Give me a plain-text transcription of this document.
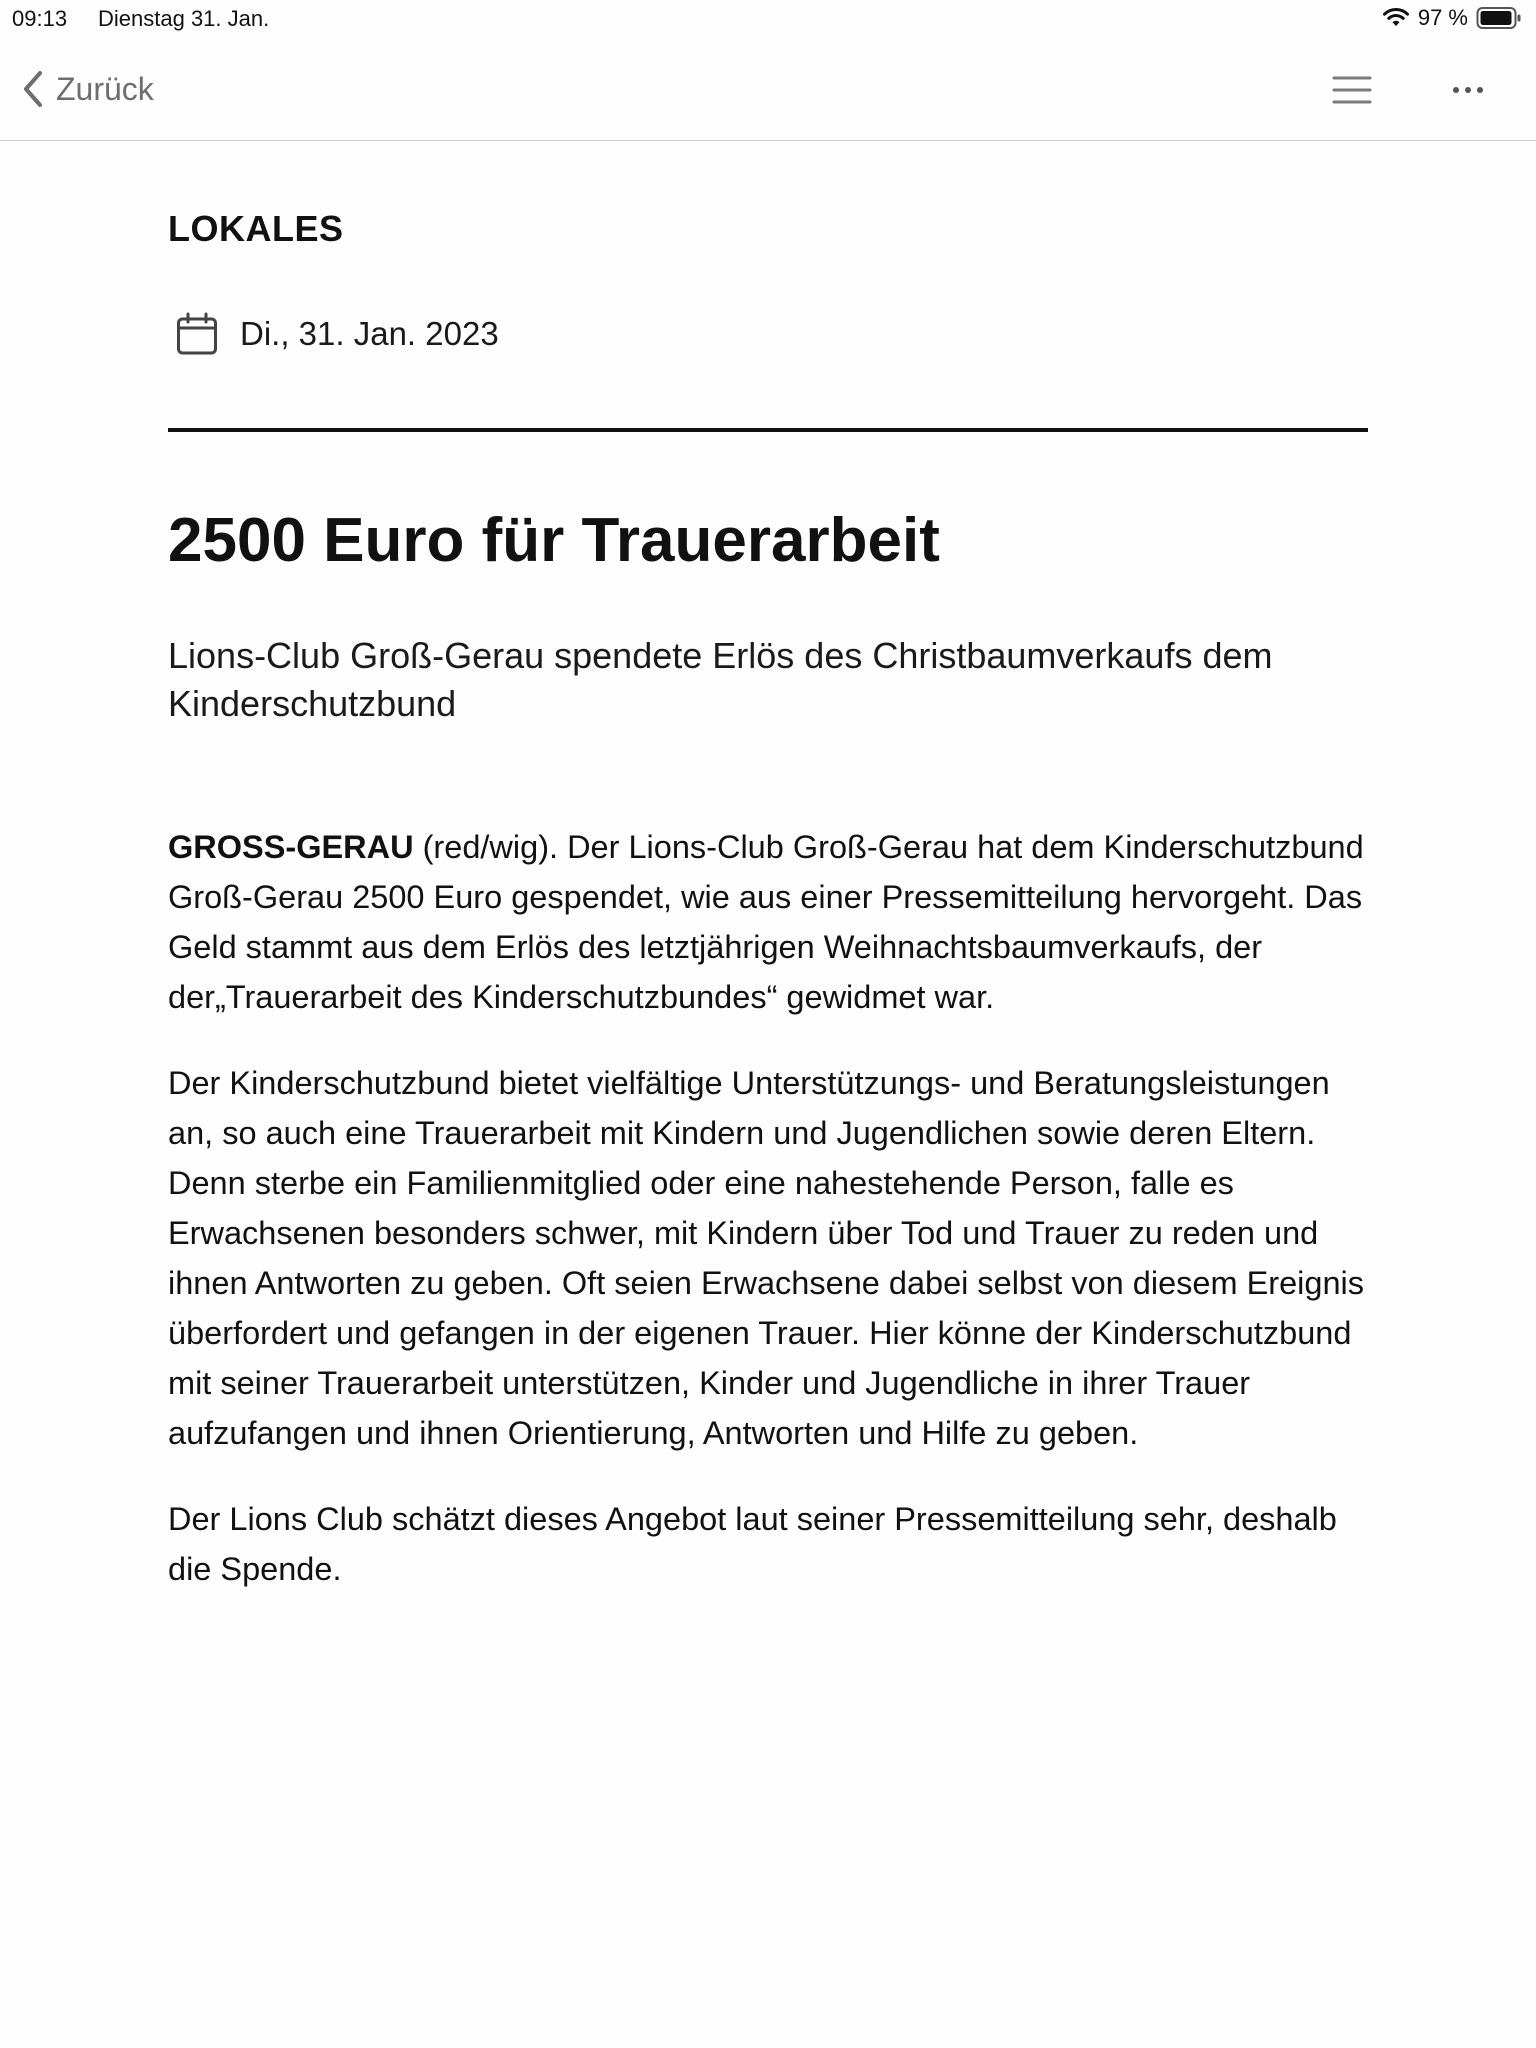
09:13 Dienstag 31. Jan.	97 %
Zurück
LOKALES
Di., 31. Jan. 2023
2500 Euro für Trauerarbeit

Lions-Club Groß-Gerau spendete Erlös des Christbaumverkaufs dem Kinderschutzbund

GROSS-GERAU (red/wig). Der Lions-Club Groß-Gerau hat dem Kinderschutzbund Groß-Gerau 2500 Euro gespendet, wie aus einer Pressemitteilung hervorgeht. Das Geld stammt aus dem Erlös des letztjährigen Weihnachtsbaumverkaufs, der der„Trauerarbeit des Kinderschutzbundes“ gewidmet war.

Der Kinderschutzbund bietet vielfältige Unterstützungs- und Beratungsleistungen an, so auch eine Trauerarbeit mit Kindern und Jugendlichen sowie deren Eltern. Denn sterbe ein Familienmitglied oder eine nahestehende Person, falle es Erwachsenen besonders schwer, mit Kindern über Tod und Trauer zu reden und ihnen Antworten zu geben. Oft seien Erwachsene dabei selbst von diesem Ereignis überfordert und gefangen in der eigenen Trauer. Hier könne der Kinderschutzbund mit seiner Trauerarbeit unterstützen, Kinder und Jugendliche in ihrer Trauer aufzufangen und ihnen Orientierung, Antworten und Hilfe zu geben.

Der Lions Club schätzt dieses Angebot laut seiner Pressemitteilung sehr, deshalb die Spende.
